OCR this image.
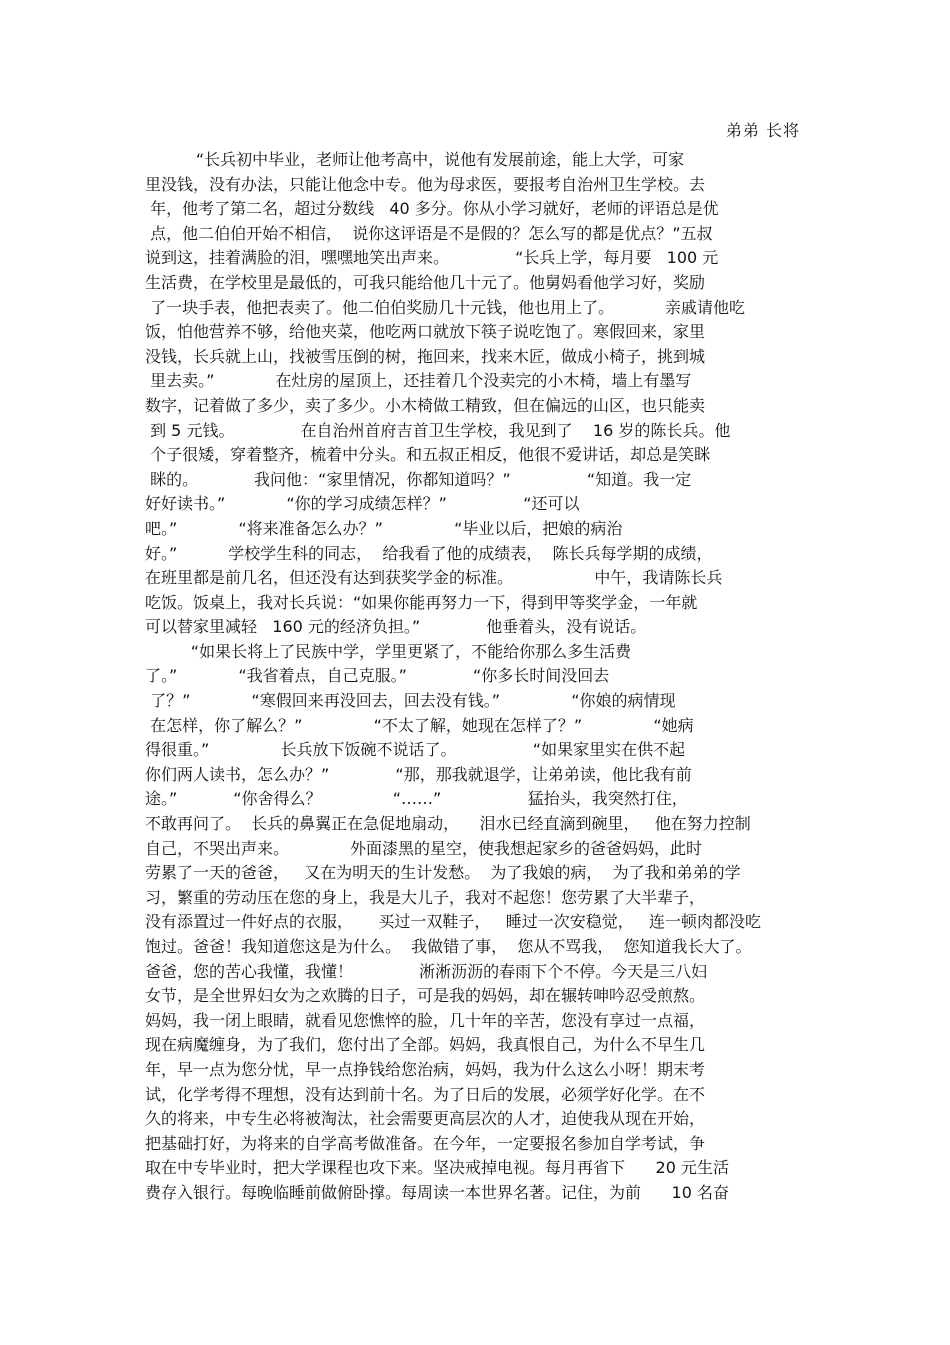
弟弟 长将
“长兵初中毕业，老师让他考高中，说他有发展前途，能上大学，可家
里没钱，没有办法，只能让他念中专。他为母求医，要报考自治州卫生学校。去
年，他考了第二名，超过分数线   40 多分。你从小学习就好，老师的评语总是优
点，他二伯伯开始不相信，  说你这评语是不是假的？怎么写的都是优点？”五叔
说到这，挂着满脸的泪，嘿嘿地笑出声来。             “长兵上学，每月要   100 元
生活费，在学校里是最低的，可我只能给他几十元了。他舅妈看他学习好，奖励
了一块手表，他把表卖了。他二伯伯奖励几十元钱，他也用上了。          亲戚请他吃
饭，怕他营养不够，给他夹菜，他吃两口就放下筷子说吃饱了。寒假回来，家里
没钱，长兵就上山，找被雪压倒的树，拖回来，找来木匠，做成小椅子，挑到城
里去卖。”            在灶房的屋顶上，还挂着几个没卖完的小木椅，墙上有墨写
数字，记着做了多少，卖了多少。小木椅做工精致，但在偏远的山区，也只能卖
到 5 元钱。             在自治州首府吉首卫生学校，我见到了    16 岁的陈长兵。他
个子很矮，穿着整齐，梳着中分头。和五叔正相反，他很不爱讲话，却总是笑眯
眯的。           我问他：“家里情况，你都知道吗？”               “知道。我一定
好好读书。”            “你的学习成绩怎样？”               “还可以
吧。”            “将来准备怎么办？”              “毕业以后，把娘的病治
好。”          学校学生科的同志，  给我看了他的成绩表，  陈长兵每学期的成绩，
在班里都是前几名，但还没有达到获奖学金的标准。                中午，我请陈长兵
吃饭。饭桌上，我对长兵说：“如果你能再努力一下，得到甲等奖学金，一年就
可以替家里减轻   160 元的经济负担。”             他垂着头，没有说话。
“如果长将上了民族中学，学里更紧了，不能给你那么多生活费
了。”            “我省着点，自己克服。”             “你多长时间没回去
了？”            “寒假回来再没回去，回去没有钱。”              “你娘的病情现
在怎样，你了解么？”              “不太了解，她现在怎样了？”              “她病
得很重。”              长兵放下饭碗不说话了。               “如果家里实在供不起
你们两人读书，怎么办？”             “那，那我就退学，让弟弟读，他比我有前
途。”           “你舍得么？              “……”                 猛抬头，我突然打住，
不敢再问了。  长兵的鼻翼正在急促地扇动，    泪水已经直滴到碗里，   他在努力控制
自己，不哭出声来。            外面漆黑的星空，使我想起家乡的爸爸妈妈，此时
劳累了一天的爸爸，   又在为明天的生计发愁。  为了我娘的病，  为了我和弟弟的学
习，繁重的劳动压在您的身上，我是大儿子，我对不起您！您劳累了大半辈子，
没有添置过一件好点的衣服，     买过一双鞋子，   睡过一次安稳觉，   连一顿肉都没吃
饱过。爸爸！我知道您这是为什么。  我做错了事，  您从不骂我，  您知道我长大了。
爸爸，您的苦心我懂，我懂！             淅淅沥沥的春雨下个不停。今天是三八妇
女节，是全世界妇女为之欢腾的日子，可是我的妈妈，却在辗转呻吟忍受煎熬。
妈妈，我一闭上眼睛，就看见您憔悴的脸，几十年的辛苦，您没有享过一点福，
现在病魔缠身，为了我们，您付出了全部。妈妈，我真恨自己，为什么不早生几
年，早一点为您分忧，早一点挣钱给您治病，妈妈，我为什么这么小呀！期末考
试，化学考得不理想，没有达到前十名。为了日后的发展，必须学好化学。在不
久的将来，中专生必将被淘汰，社会需要更高层次的人才，迫使我从现在开始，
把基础打好，为将来的自学高考做准备。在今年，一定要报名参加自学考试，争
取在中专毕业时，把大学课程也攻下来。坚决戒掉电视。每月再省下      20 元生活
费存入银行。每晚临睡前做俯卧撑。每周读一本世界名著。记住，为前      10 名奋
